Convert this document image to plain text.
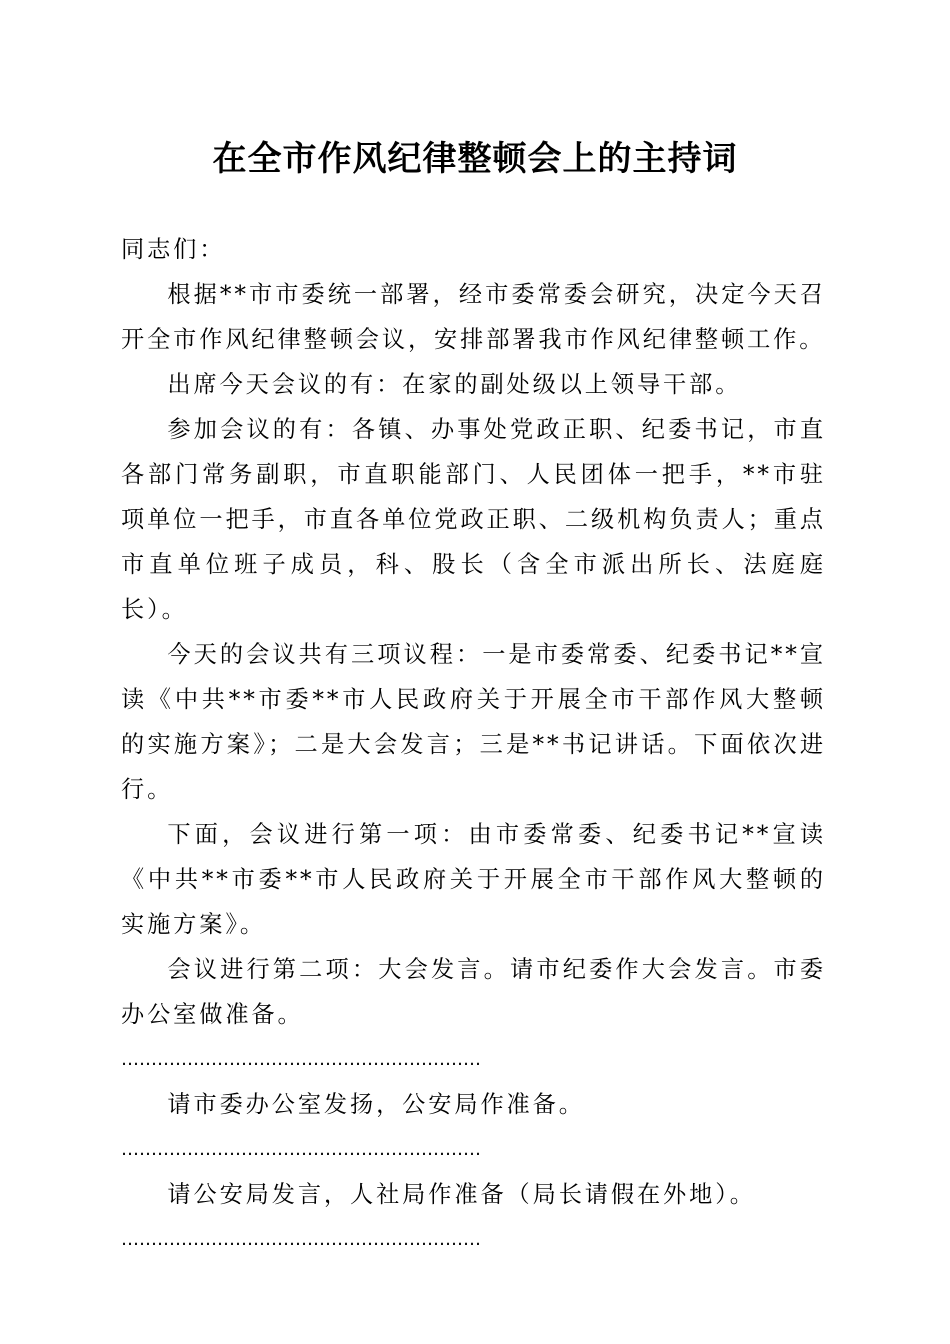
在全市作风纪律整顿会上的主持词

同志们：

根据**市市委统一部署，经市委常委会研究，决定今天召开全市作风纪律整顿会议，安排部署我市作风纪律整顿工作。

出席今天会议的有：在家的副处级以上领导干部。

参加会议的有：各镇、办事处党政正职、纪委书记，市直各部门常务副职，市直职能部门、人民团体一把手，**市驻项单位一把手，市直各单位党政正职、二级机构负责人；重点市直单位班子成员，科、股长（含全市派出所长、法庭庭长）。

今天的会议共有三项议程：一是市委常委、纪委书记**宣读《中共**市委**市人民政府关于开展全市干部作风大整顿的实施方案》；二是大会发言；三是**书记讲话。下面依次进行。

下面，会议进行第一项：由市委常委、纪委书记**宣读《中共**市委**市人民政府关于开展全市干部作风大整顿的实施方案》。

会议进行第二项：大会发言。请市纪委作大会发言。市委办公室做准备。

……………………………………………………

请市委办公室发扬，公安局作准备。

……………………………………………………

请公安局发言，人社局作准备（局长请假在外地）。

……………………………………………………
